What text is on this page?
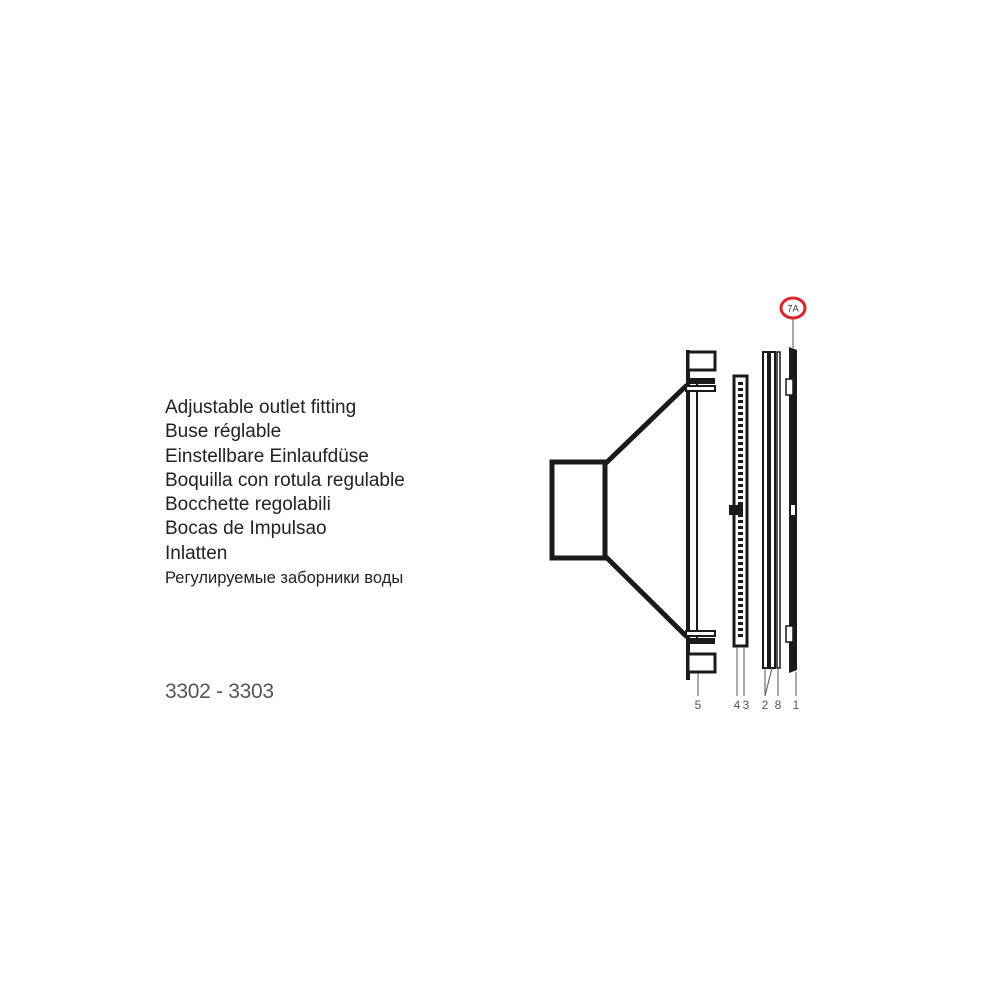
Adjustable outlet fitting
Buse réglable
Einstellbare Einlaufdüse
Boquilla con rotula regulable
Bocchette regolabili
Bocas de Impulsao
Inlatten
Регулируемые заборники воды
3302 - 3303
7A
5	4 3 2 8 1
